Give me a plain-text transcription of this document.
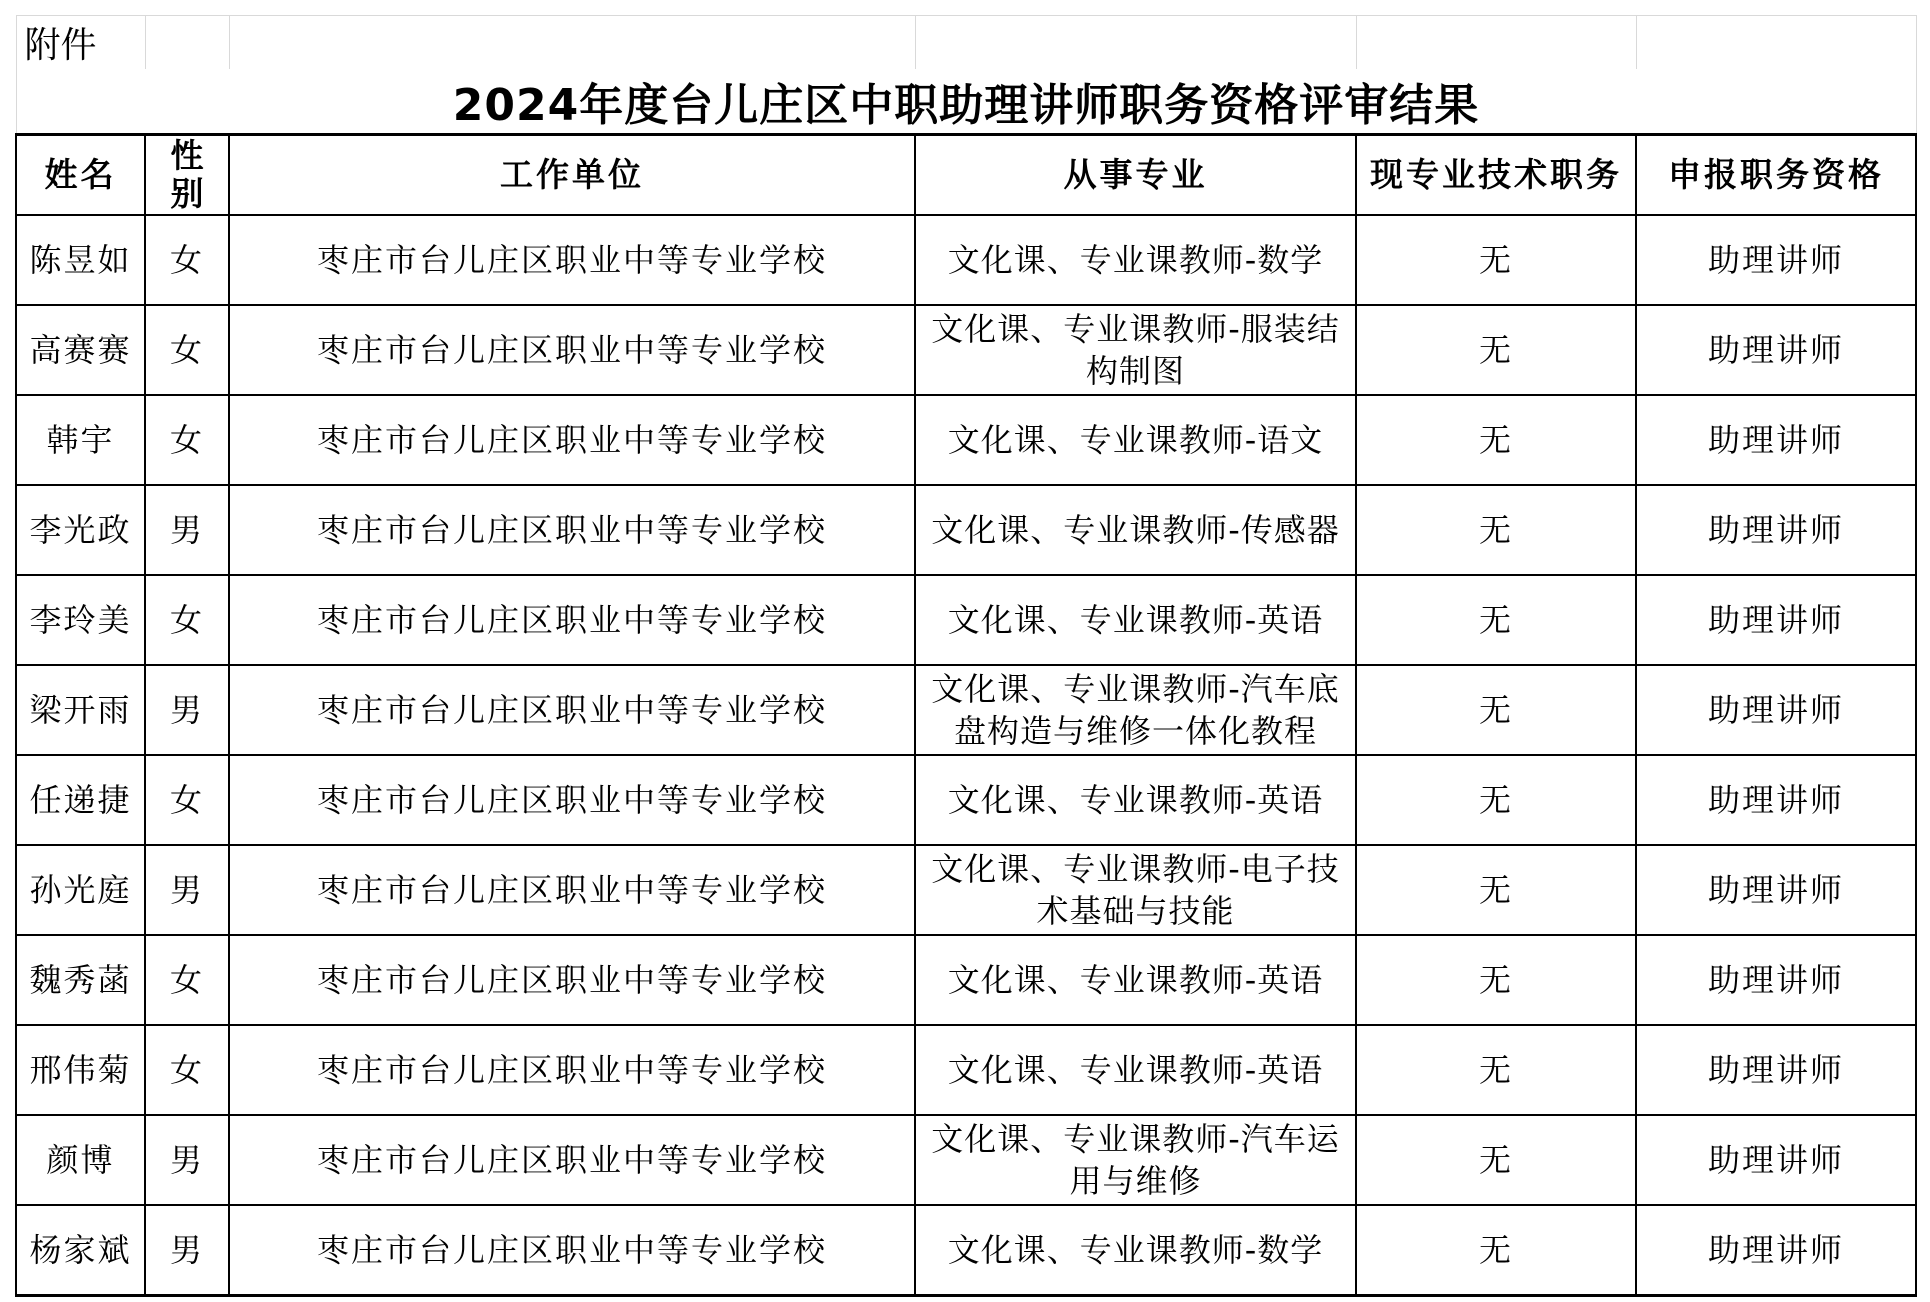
附件					
2024年度台儿庄区中职助理讲师职务资格评审结果					
姓名	性别	工作单位	从事专业	现专业技术职务	申报职务资格
陈昱如	女	枣庄市台儿庄区职业中等专业学校	文化课、专业课教师-数学	无	助理讲师
高赛赛	女	枣庄市台儿庄区职业中等专业学校	文化课、专业课教师-服装结构制图	无	助理讲师
韩宇	女	枣庄市台儿庄区职业中等专业学校	文化课、专业课教师-语文	无	助理讲师
李光政	男	枣庄市台儿庄区职业中等专业学校	文化课、专业课教师-传感器	无	助理讲师
李玲美	女	枣庄市台儿庄区职业中等专业学校	文化课、专业课教师-英语	无	助理讲师
梁开雨	男	枣庄市台儿庄区职业中等专业学校	文化课、专业课教师-汽车底盘构造与维修一体化教程	无	助理讲师
任递捷	女	枣庄市台儿庄区职业中等专业学校	文化课、专业课教师-英语	无	助理讲师
孙光庭	男	枣庄市台儿庄区职业中等专业学校	文化课、专业课教师-电子技术基础与技能	无	助理讲师
魏秀菡	女	枣庄市台儿庄区职业中等专业学校	文化课、专业课教师-英语	无	助理讲师
邢伟菊	女	枣庄市台儿庄区职业中等专业学校	文化课、专业课教师-英语	无	助理讲师
颜博	男	枣庄市台儿庄区职业中等专业学校	文化课、专业课教师-汽车运用与维修	无	助理讲师
杨家斌	男	枣庄市台儿庄区职业中等专业学校	文化课、专业课教师-数学	无	助理讲师
